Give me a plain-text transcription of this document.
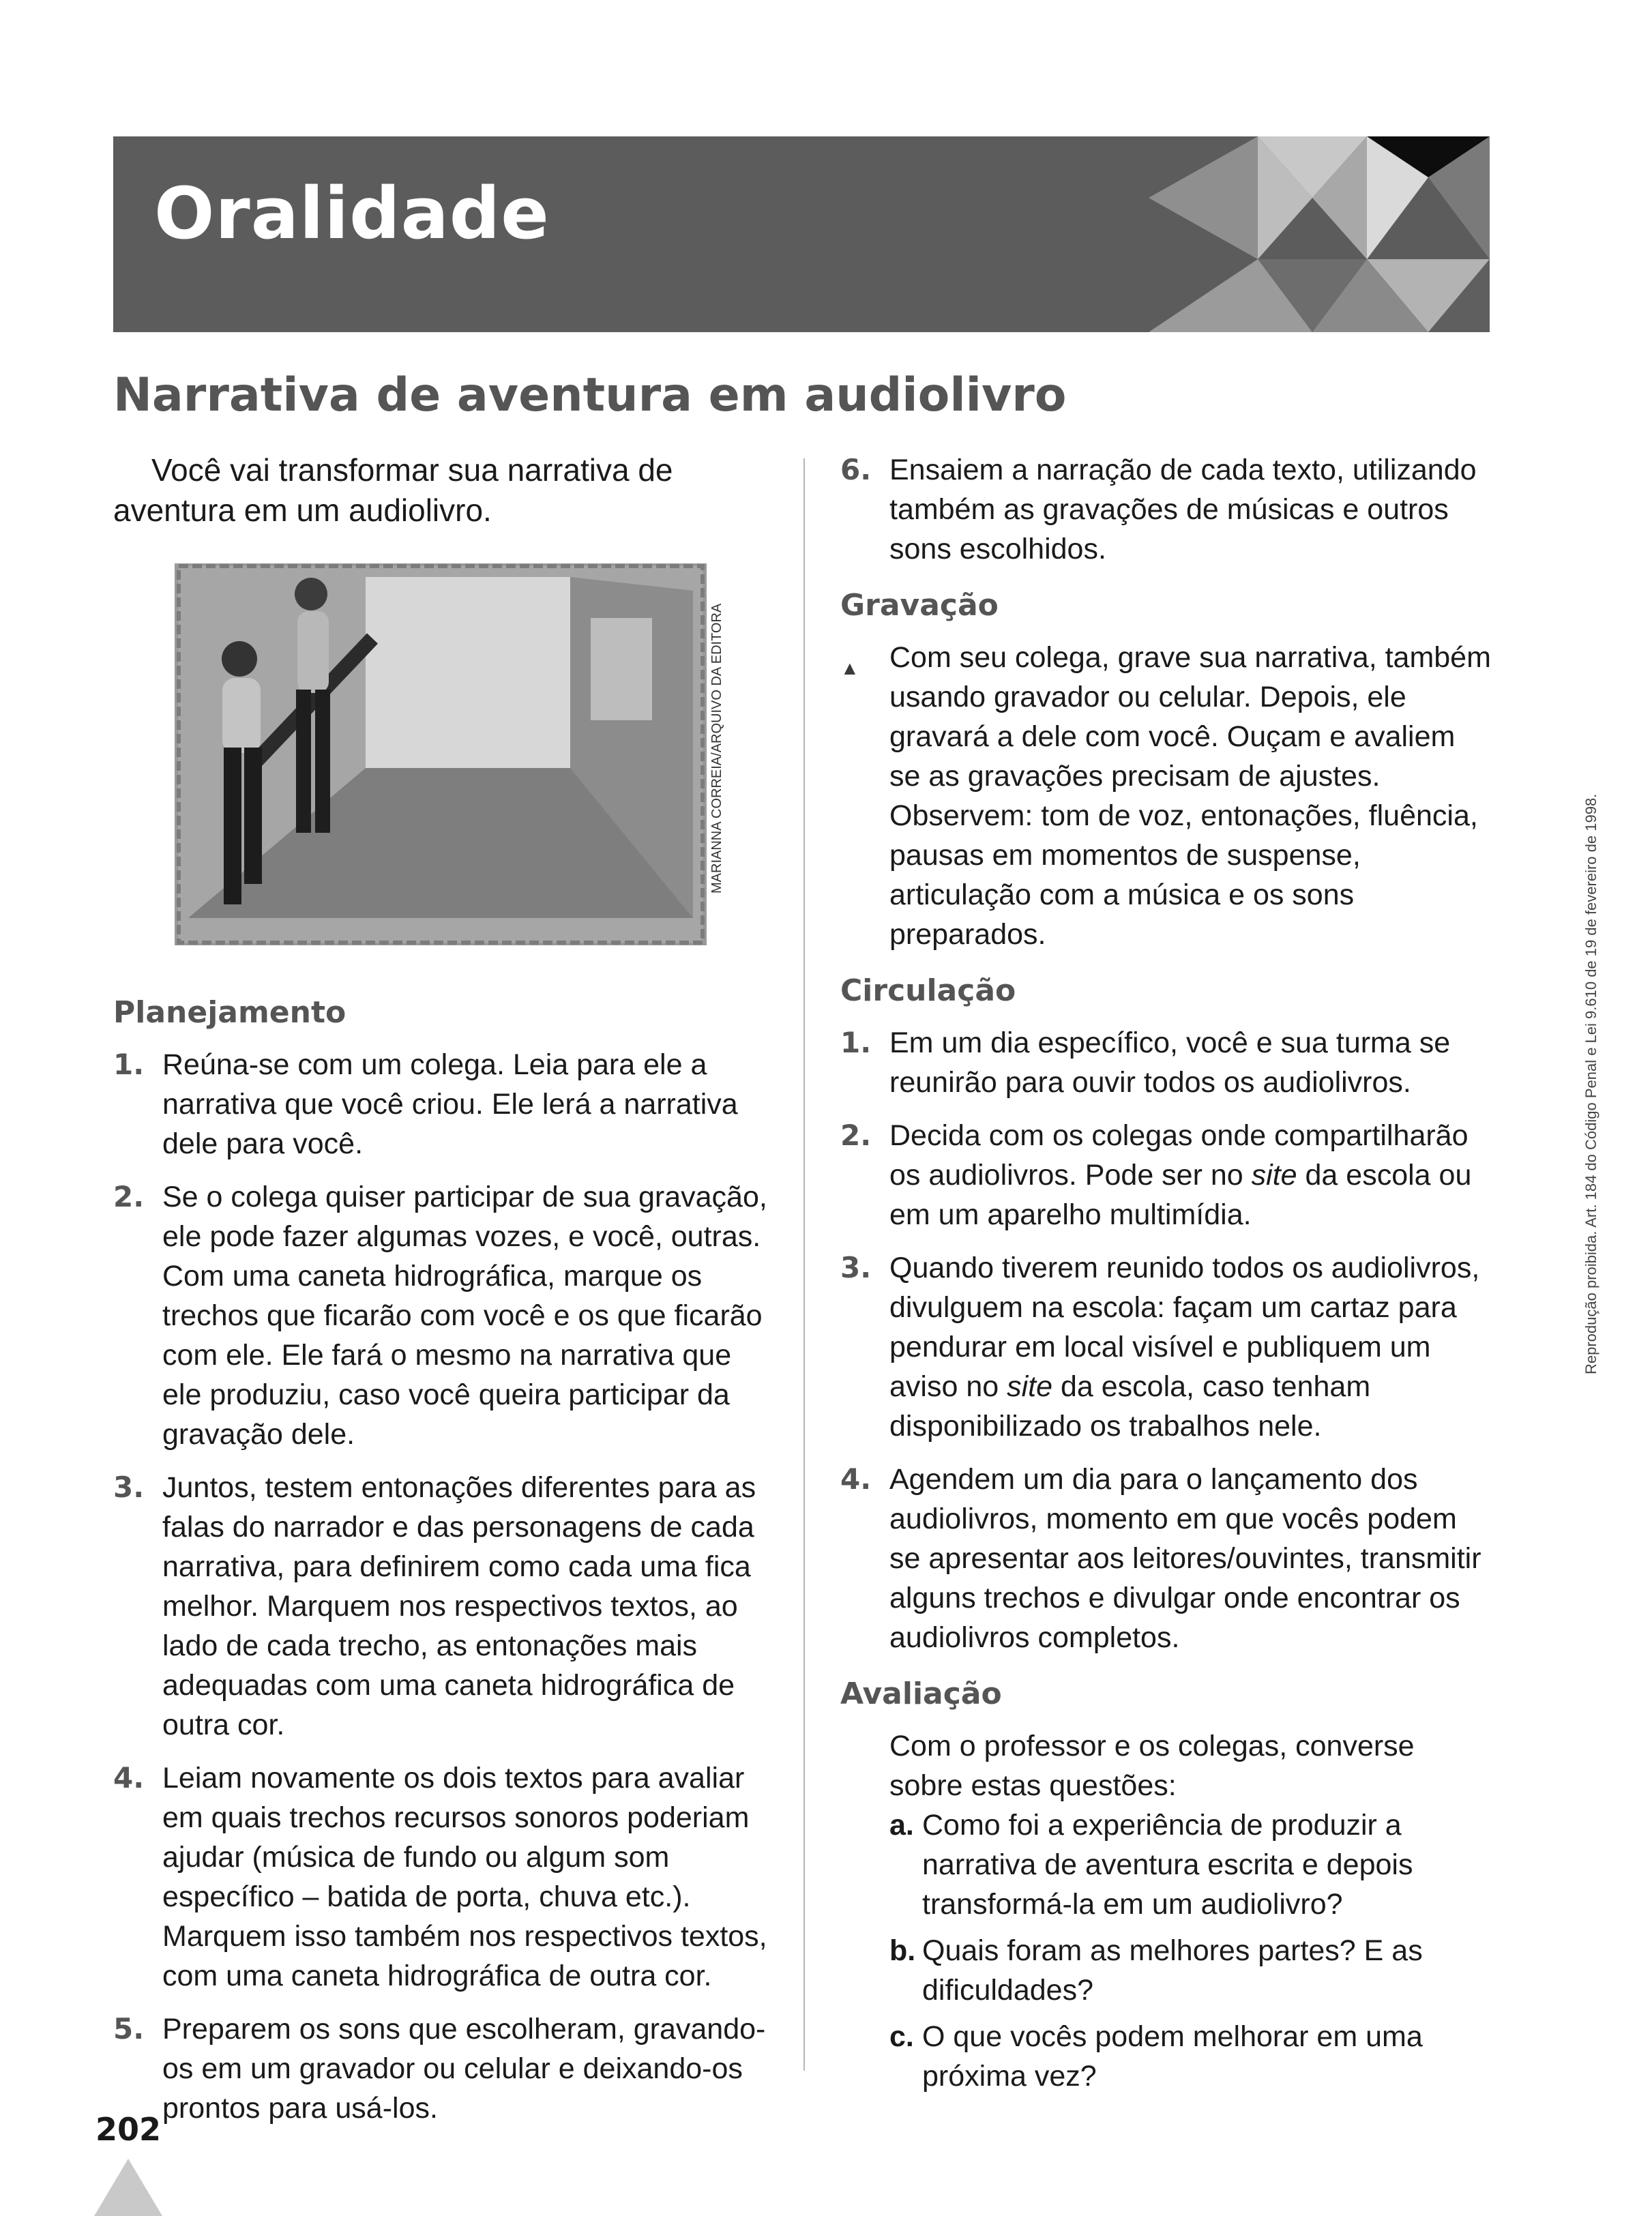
Oralidade
Narrativa de aventura em audiolivro

Você vai transformar sua narrativa de aventura em um audiolivro.

Planejamento
1. Reúna-se com um colega. Leia para ele a narrativa que você criou. Ele lerá a narrativa dele para você.
2. Se o colega quiser participar de sua gravação, ele pode fazer algumas vozes, e você, outras. Com uma caneta hidrográfica, marque os trechos que ficarão com você e os que ficarão com ele. Ele fará o mesmo na narrativa que ele produziu, caso você queira participar da gravação dele.
3. Juntos, testem entonações diferentes para as falas do narrador e das personagens de cada narrativa, para definirem como cada uma fica melhor. Marquem nos respectivos textos, ao lado de cada trecho, as entonações mais adequadas com uma caneta hidrográfica de outra cor.
4. Leiam novamente os dois textos para avaliar em quais trechos recursos sonoros poderiam ajudar (música de fundo ou algum som específico – batida de porta, chuva etc.). Marquem isso também nos respectivos textos, com uma caneta hidrográfica de outra cor.
5. Preparem os sons que escolheram, gravando-os em um gravador ou celular e deixando-os prontos para usá-los.
MARIANNA CORREIA/ARQUIVO DA EDITORA
6. Ensaiem a narração de cada texto, utilizando também as gravações de músicas e outros sons escolhidos.
Gravação
▲ Com seu colega, grave sua narrativa, também usando gravador ou celular. Depois, ele gravará a dele com você. Ouçam e avaliem se as gravações precisam de ajustes. Observem: tom de voz, entonações, fluência, pausas em momentos de suspense, articulação com a música e os sons preparados.
Circulação
1. Em um dia específico, você e sua turma se reunirão para ouvir todos os audiolivros.
2. Decida com os colegas onde compartilharão os audiolivros. Pode ser no site da escola ou em um aparelho multimídia.
3. Quando tiverem reunido todos os audiolivros, divulguem na escola: façam um cartaz para pendurar em local visível e publiquem um aviso no site da escola, caso tenham disponibilizado os trabalhos nele.
4. Agendem um dia para o lançamento dos audiolivros, momento em que vocês podem se apresentar aos leitores/ouvintes, transmitir alguns trechos e divulgar onde encontrar os audiolivros completos.
Avaliação

Com o professor e os colegas, converse sobre estas questões:

a. Como foi a experiência de produzir a narrativa de aventura escrita e depois transformá-la em um audiolivro?
b. Quais foram as melhores partes? E as dificuldades?
c. O que vocês podem melhorar em uma próxima vez?
Reprodução proibida. Art. 184 do Código Penal e Lei 9.610 de 19 de fevereiro de 1998.
202
